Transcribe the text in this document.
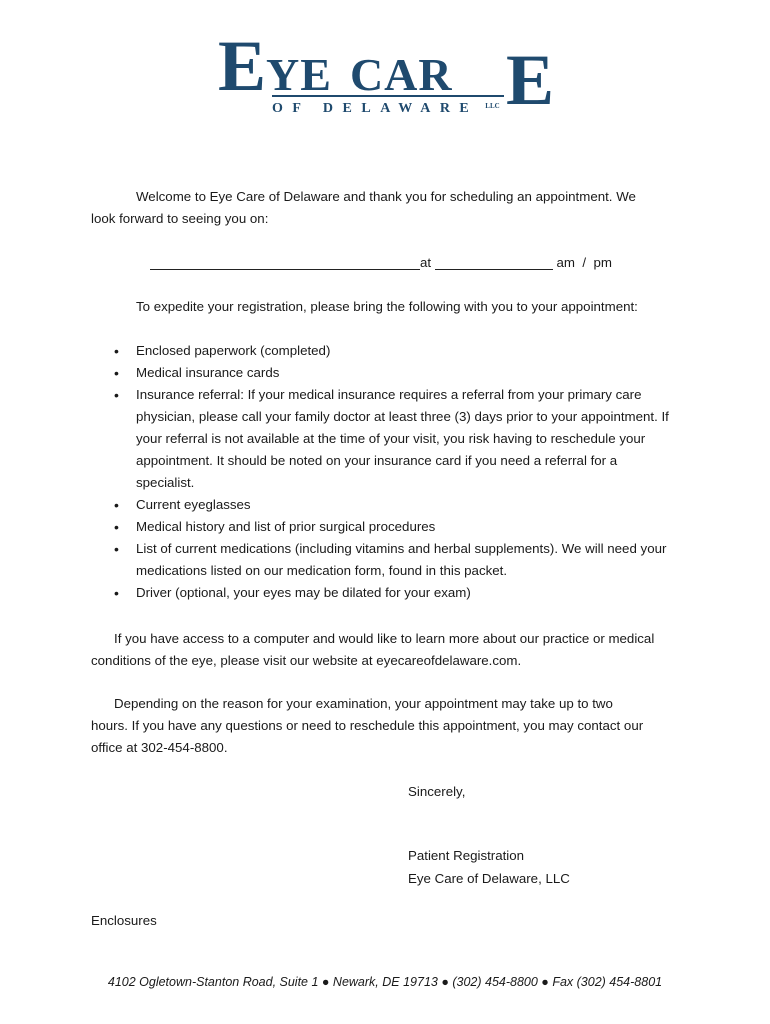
E YE CAR E
OF DELAWARE $^{LLC}$
Welcome to Eye Care of Delaware and thank you for scheduling an appointment. We
look forward to seeing you on:
at	am  /  pm
To expedite your registration, please bring the following with you to your appointment:
• Enclosed paperwork (completed)
• Medical insurance cards
• Insurance referral: If your medical insurance requires a referral from your primary care physician, please call your family doctor at least three (3) days prior to your appointment. If your referral is not available at the time of your visit, you risk having to reschedule your appointment. It should be noted on your insurance card if you need a referral for a specialist.
• Current eyeglasses
• Medical history and list of prior surgical procedures
• List of current medications (including vitamins and herbal supplements). We will need your medications listed on our medication form, found in this packet.
• Driver (optional, your eyes may be dilated for your exam)
If you have access to a computer and would like to learn more about our practice or medical
conditions of the eye, please visit our website at eyecareofdelaware.com.
Depending on the reason for your examination, your appointment may take up to two
hours. If you have any questions or need to reschedule this appointment, you may contact our
office at 302-454-8800.
Sincerely,
Patient Registration
Eye Care of Delaware, LLC
Enclosures
4102 Ogletown-Stanton Road, Suite 1 ● Newark, DE 19713 ● (302) 454-8800 ● Fax (302) 454-8801
